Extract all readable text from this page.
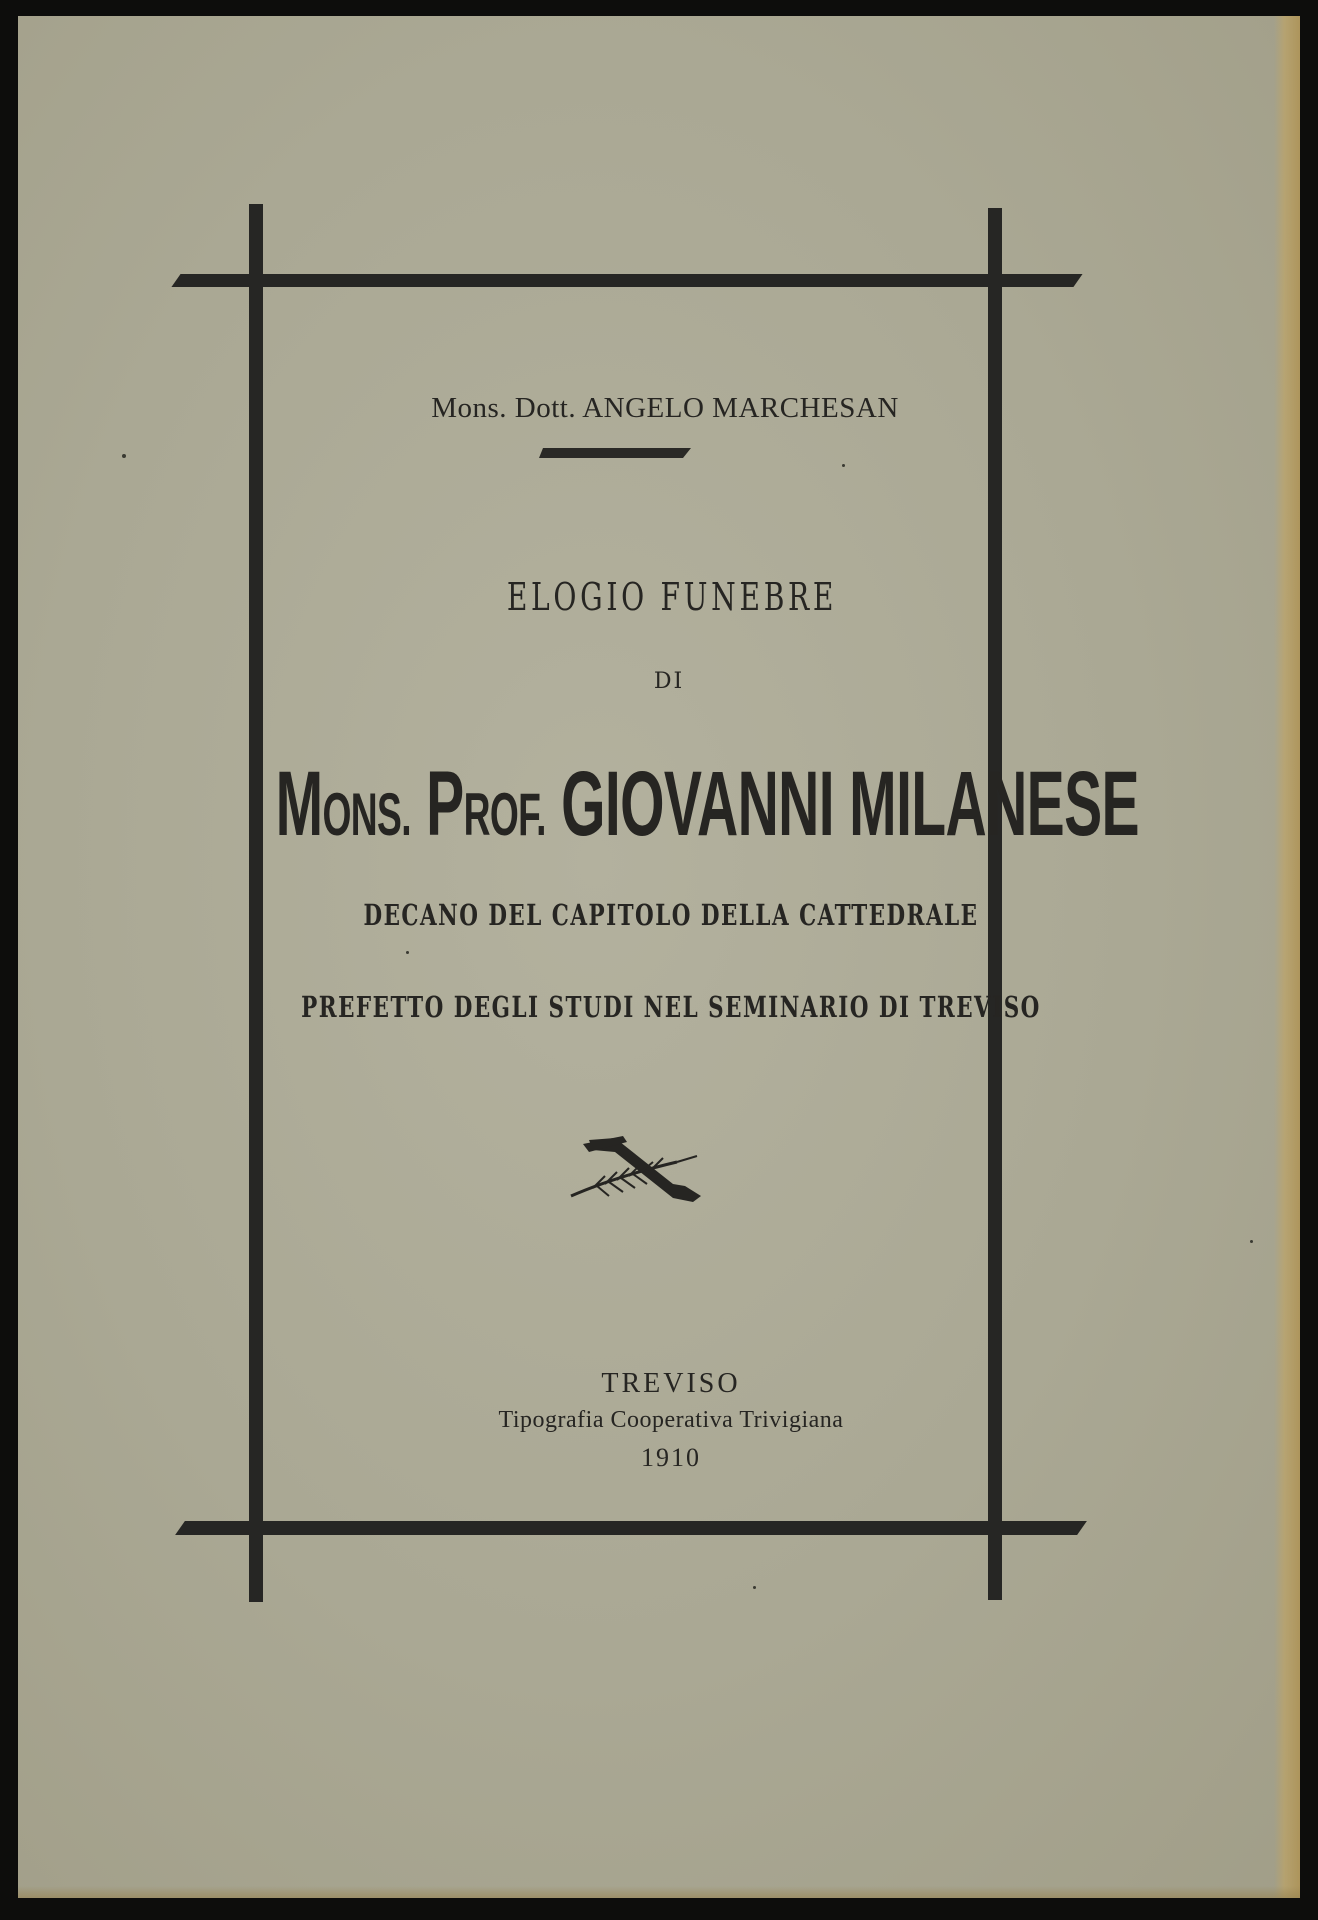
Mons. Dott. ANGELO MARCHESAN
ELOGIO FUNEBRE
DI
MONS. PROF. GIOVANNI MILANESE
DECANO DEL CAPITOLO DELLA CATTEDRALE
PREFETTO DEGLI STUDI NEL SEMINARIO DI TREVISO
TREVISO
Tipografia Cooperativa Trivigiana
1910
